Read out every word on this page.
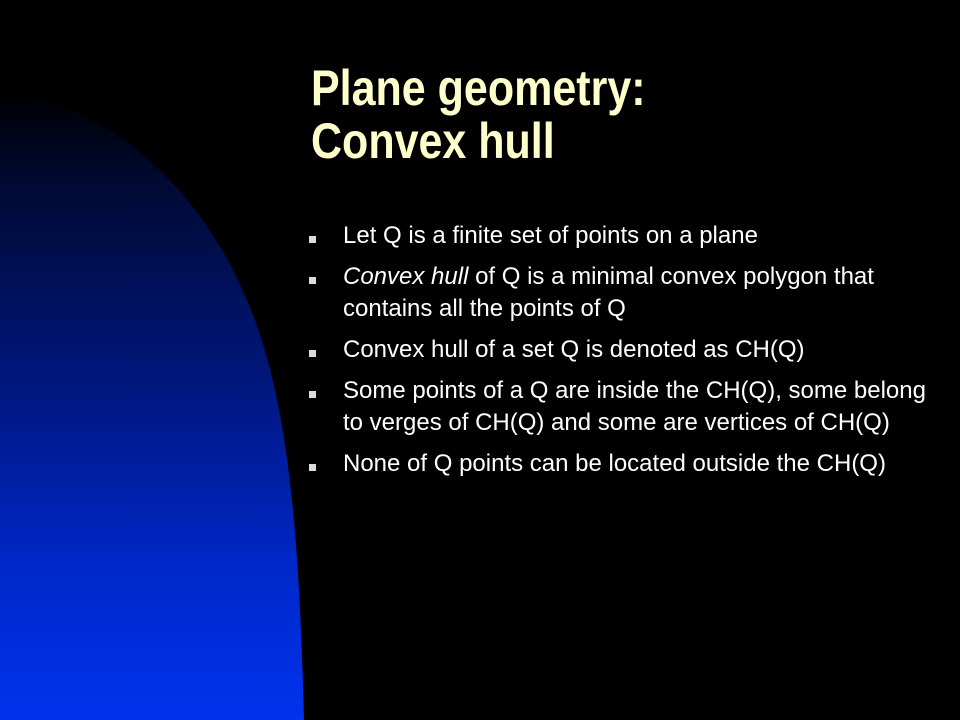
Plane geometry:
Convex hull
Let Q is a finite set of points on a plane
Convex hull of Q is a minimal convex polygon that contains all the points of Q
Convex hull of a set Q is denoted as CH(Q)
Some points of a Q are inside the CH(Q), some belong to verges of CH(Q) and some are vertices of CH(Q)
None of Q points can be located outside the CH(Q)
